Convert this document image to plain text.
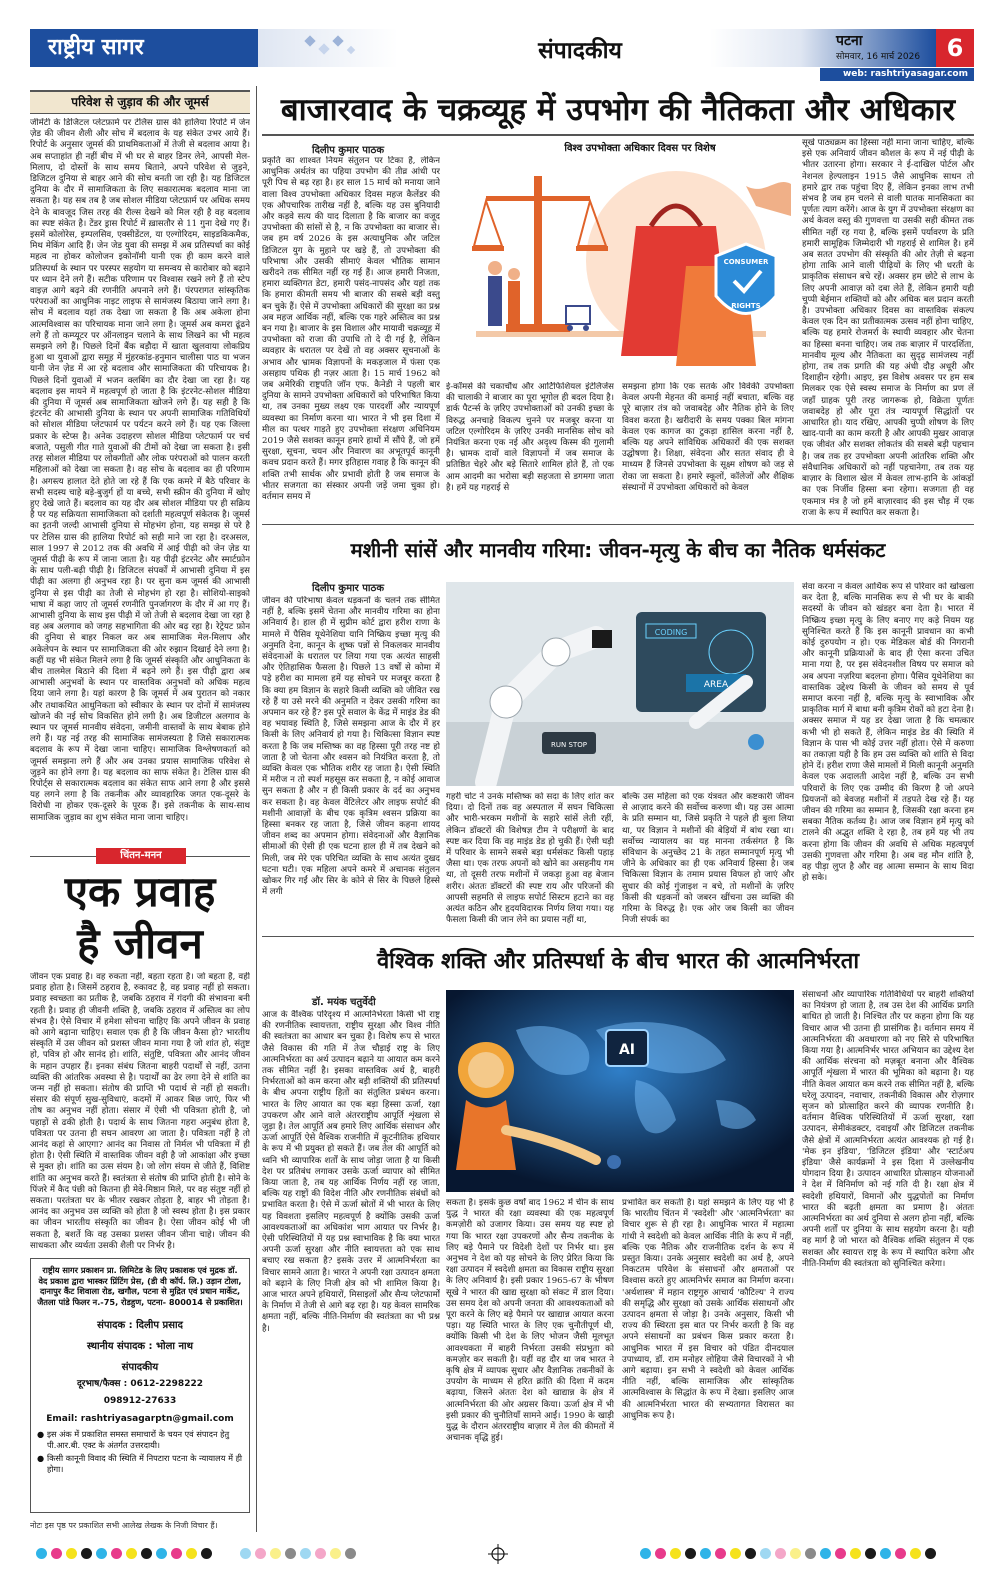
राष्ट्रीय सागर	संपादकीय	पटना
सोमवार, 16 मार्च 2026	6
web: rashtriyasagar.com
परिवेश से जुड़ाव की और जूमर्स
जीमेंटी के डिजिटल प्लेटफ़ार्म पर टेलिस ग्रास की हालिया रिपोर्ट में जेन ज़ेड की जीवन शैली और सोच में बदलाव के यह संकेत उभर आये हैं। रिपोर्ट के अनुसार जूमर्स की प्राथमिकताओं में तेजी से बदलाव आया है। अब सप्ताहांत ही नहीं बीच में भी घर से बाहर डिनर लेने, आपसी मेल-मिलाप, दो दोस्तों के साथ समय बिताने, अपने परिवेश से जुड़ने, डिजिटल दुनिया से बाहर आने की सोच बनती जा रही है। यह डिजिटल दुनिया के दौर में सामाजिकता के लिए सकारात्मक बदलाव माना जा सकता है। यह सब तब है जब सोशल मीडिया प्लेटफ़ार्म पर अधिक समय देने के बावजूद जिस तरह की रील्स देखने को मिल रही है वह बदलाव का स्पष्ट संकेत है। टेंडर ड्रास रिपोर्ट में ख़ासतौर से 11 गुना देखे गए हैं। इसमें कोलोरेस, इम्पलसिव, एक्सीडेंटल, या एल्गोरिदम, साइडकिकमैक, मिथ मेकिंग आदि हैं। जेन जेड युवा की समझ में अब प्रतिस्पर्धा का कोई महत्व ना होकर कोलोजन इकोनॉमी यानी एक ही काम करने वाले प्रतिस्पर्धा के स्थान पर परस्पर सहयोग या समन्वय से कारोबार को बढ़ाने पर ध्यान देने लगे हैं। सटीक परिणाम पर विश्वास रखने लगे हैं तो स्टेप वाइज़ आगे बढ़ने की रणनीति अपनाने लगे हैं। पंरपरागत सांस्कृतिक परंपराओं का आधुनिक नाइट लाइफ से सामंजस्य बिठाया जाने लगा है। सोच में बदलाव यहां तक देखा जा सकता है कि अब अकेला होना आत्मविश्वास का परिचायक माना जाने लगा है। जूमर्स अब कमरा ढूंढने लगे हैं तो कम्प्यूटर पर ऑनलाइन चलाने के साथ लिखने का भी महत्व समझने लगे हैं। पिछले दिनों बैंक बड़ौदा में खाता खुलवाया लोकप्रिय हुआ था युवाओं द्वारा समूह में मुंहरकांड-हनुमान चालीसा पाठ या भजन यानी जेन ज़ेड में आ रहे बदलाव और सामाजिकता की परिचायक है। पिछले दिनों युवाओं में भजन क्लबिंग का दौर देखा जा रहा है। यह बदलाव इस मायने में महत्वपूर्ण हो जाता है कि इंटरनेट-सोशल मीडिया की दुनिया में जूमर्स अब सामाजिकता खोजने लगे हैं। यह सही है कि इंटरनेट की आभासी दुनिया के स्थान पर अपनी सामाजिक गतिविधियों को सोशल मीडिया प्लेटफार्म पर पर्यटन करने लगे हैं। यह एक जिल्ला प्रकार के स्टेप्स है। अनेक उदाहरण सोशल मीडिया प्लेटफार्म पर चर्च बजाते, पसुली गीत गाते युवाओं की टीमों को देखा जा सकता है। इसी तरह सोशल मीडिया पर लोकगीतों और लोक परंपराओं को पालन करती महिलाओं को देखा जा सकता है। वह सोच के बदलाव का ही परिणाम है। अगस्त्य हालात देते होते जा रहे हैं कि एक कमरे में बैठे परिवार के सभी सदस्य चाहे बड़े-बुजुर्ग हों या बच्चे, सभी स्क्रीन की दुनिया में खोए हुए देखे जाते हैं। बदलाव का यह दौर अब सोशल मीडिया पर ही सक्रिय है पर यह सक्रियता सामाजिकता को दर्शाती महत्वपूर्ण संकेतक है। जूमर्स का इतनी जल्दी आभासी दुनिया से मोहभंग होना, यह समझ से परे है पर टेलिस ग्रास की हालिया रिपोर्ट को सही माने जा रहा है। दरअसल, साल 1997 से 2012 तक की अवधि में आई पीढ़ी को जेन ज़ेड या जूमर्स पीढ़ी के रूप में जाना जाता है। यह पीढ़ी इंटरनेट और स्मार्टफ़ोन के साथ पली-बढ़ी पीढ़ी है। डिजिटल संपर्कों में आभासी दुनिया में इस पीढ़ी का अलगा ही अनुभव रहा है। पर सुना कम जूमर्स की आभासी दुनिया से इस पीढ़ी का तेजी से मोहभंग हो रहा है। सोशियो-साइको भाषा में कहा जाए तो जूमर्स रणनीति पुनर्जागरण के दौर में आ गए हैं। आभासी दुनिया के साथ इस पीढ़ी में जो तेजी से बदलाव देखा जा रहा है वह अब अलगाव को जगह सहभागिता की ओर बढ़ रहा है। रेट्रेयट फ़ोन की दुनिया से बाहर निकल कर अब सामाजिक मेल-मिलाप और अकेलेपन के स्थान पर सामाजिकता की ओर रुझान दिखाई देने लगा है। कहीं यह भी संकेत मिलने लगा है कि जूमर्स संस्कृति और आधुनिकता के बीच तालमेल बिठाने की दिशा में बढ़ने लगे हैं। इस पीढ़ी द्वारा अब आभासी अनुभवों के स्थान पर वास्तविक अनुभवों को अधिक महत्व दिया जाने लगा है। यहां कारण है कि जूमर्स में अब पुरातन को नकार और तथाकथित आधुनिकता को स्वीकार के स्थान पर दोनों में सामंजस्य खोजने की नई सोच विकसित होने लगी है। अब डिजीटल अलगाव के स्थान पर जूमर्स मानवीय संवेदना, जमीनी वास्तवों के साथ बेबाक होने लगे हैं। यह नई तरह की सामाजिक सामंजस्यता है जिसे सकारात्मक बदलाव के रूप में देखा जाना चाहिए। सामाजिक विश्लेषणकर्ता को जूमर्स समझना लगे हैं और अब उनका प्रयास सामाजिक परिवेश से जुड़ने का होने लगा है। यह बदलाव का साफ संकेत है। टेलिस ग्रास की रिपोर्ट्स से सकारात्मक बदलाव का संकेत साफ आने लगा है और इससे यह लगने लगा है कि तकनीक और व्यावहारिक जगत एक-दूसरे के विरोधी ना होकर एक-दूसरे के पूरक हैं। इसे तकनीक के साथ-साथ सामाजिक जुड़ाव का शुभ संकेत माना जाना चाहिए।
चिंतन-मनन
एक प्रवाह
है जीवन
जीवन एक प्रवाह है। वह रुकता नहीं, बहता रहता है। जो बहता है, वही प्रवाह होता है। जिसमें ठहराव है, रुकावट है, वह प्रवाह नहीं हो सकता। प्रवाह स्वच्छता का प्रतीक है, जबकि ठहराव में गंदगी की संभावना बनी रहती है। प्रवाह ही जीवनी शक्ति है, जबकि ठहराव में अस्तित्व का लोप संभव है। ऐसे विचार में हमेशा सोचना चाहिए कि अपने जीवन के प्रवाह को आगे बढ़ाना चाहिए। सवाल एक ही है कि जीवन कैसा हो? भारतीय संस्कृति में उस जीवन को प्रशस्त जीवन माना गया है जो शांत हो, संतुष्ट हो, पवित्र हो और सानंद हो। शांति, संतुष्टि, पवित्रता और आनंद जीवन के महान उपहार हैं। इनका संबंध जितना बाहरी पदार्थों से नहीं, उतना व्यक्ति की आंतरिक अवस्था से है। पदार्थों का ढेर लगा देने से शांति का जन्म नहीं हो सकता। संतोष की प्राप्ति भी पदार्थ से नहीं हो सकती। संसार की संपूर्ण सुख-सुविधाएं, कदमों में आकर बिछ जाएं, फिर भी तोष का अनुभव नहीं होता। संसार में ऐसी भी पवित्रता होती है, जो पहाड़ों से ढकी होती है। पदार्थ के साथ जितना गहरा अनुबंध होता है, पवित्रता पर उतना ही सघन आवरण आ जाता है। पवित्रता नहीं है तो आनंद कहां से आएगा? आनंद का निवास तो निर्मल भी पवित्रता में ही होता है। ऐसी स्थिति में वास्तविक जीवन वही है जो आकांक्षा और इच्छा से मुक्त हो। शांति का उत्स संयम है। जो लोग संयम से जीते हैं, विशिष्ट शांति का अनुभव करते हैं। स्वतंत्रता से संतोष की प्राप्ति होती है। सोने के पिंजरे में कैद पंछी को कितना ही मेवे-मिष्ठान मिले, पर वह संतुष्ट नहीं हो सकता। परतंत्रता घर के भीतर रखकर तोड़ता है, बाहर भी तोड़ता है। आनंद का अनुभव उस व्यक्ति को होता है जो स्वस्थ होता है। इस प्रकार का जीवन भारतीय संस्कृति का जीवन है। ऐसा जीवन कोई भी जी सकता है, बशर्ते कि वह उसका प्रशस्त जीवन जीना चाहे। जीवन की साधकता और व्यर्थता उसकी शैली पर निर्भर है।
राष्ट्रीय सागर प्रकाशन प्रा. लिमिटेड के लिए प्रकाशक एवं मुद्रक डॉ. वेद प्रकाश द्वारा भास्कर प्रिंटिंग प्रेस, (डी वी कॉर्प. लि.) उड़ान टोला, दानापुर कैंट शिवाला रोड, खगौल, पटना से मुद्रित एवं प्रधान मार्केट, जैतला पांडे फिलर न.-75, रोडहुण, पटना- 800014 से प्रकाशित।
संपादक : दिलीप प्रसाद
स्थानीय संपादक : भोला नाथ
संपादकीय
दूरभाष/फैक्स : 0612-2298222
098912-27633
Email: rashtriyasagarptn@gmail.com
● इस अंक में प्रकाशित समस्त समाचारों के चयन एवं संपादन हेतु पी.आर.बी. एक्ट के अंतर्गत उत्तरदायी।
● किसी कानूनी विवाद की स्थिति में निपटारा पटना के न्यायालय में ही होगा।
नोटः इस पृष्ठ पर प्रकाशित सभी आलेख लेखक के निजी विचार हैं।
बाजारवाद के चक्रव्यूह में उपभोग की नैतिकता और अधिकार
दिलीप कुमार पाठक	विश्व उपभोक्ता अधिकार दिवस पर विशेष
प्रकृति का शाश्वत नियम संतुलन पर टिका है, लेकिन आधुनिक अर्थतंत्र का पहिया उपभोग की तीव्र आंधी पर पूरी पिच से बढ़ रहा है। हर साल 15 मार्च को मनाया जाने वाला विश्व उपभोक्ता अधिकार दिवस महज कैलेंडर की एक औपचारिक तारीख नहीं है, बल्कि यह उस बुनियादी और कड़वे सत्य की याद दिलाता है कि बाजार का वजूद उपभोक्ता की सांसों से है, न कि उपभोक्ता का बाजार से। जब हम वर्ष 2026 के इस अत्याधुनिक और जटिल डिजिटल युग के मुहाने पर खड़े हैं, तो उपभोक्ता की परिभाषा और उसकी सीमाएं केवल भौतिक सामान खरीदने तक सीमित नहीं रह गई हैं। आज हमारी निजता, हमारा व्यक्तिगत डेटा, हमारी पसंद-नापसंद और यहां तक कि हमारा कीमती समय भी बाजार की सबसे बड़ी वस्तु बन चुके हैं। ऐसे में उपभोक्ता अधिकारों की सुरक्षा का प्रश्न अब महज आर्थिक नहीं, बल्कि एक गहरे अस्तित्व का प्रश्न बन गया है। बाजार के इस विशाल और मायावी चक्रव्यूह में उपभोक्ता को राजा की उपाधि तो दे दी गई है, लेकिन व्यवहार के धरातल पर देखें तो वह अक्सर सूचनाओं के अभाव और भ्रामक विज्ञापनों के मकड़जाल में फंसा एक असहाय पथिक ही नज़र आता है। 15 मार्च 1962 को जब अमेरिकी राष्ट्रपति जॉन एफ. कैनेडी ने पहली बार दुनिया के सामने उपभोक्ता अधिकारों को परिभाषित किया था, तब उनका मुख्य लक्ष्य एक पारदर्शी और न्यायपूर्ण व्यवस्था का निर्माण करना था। भारत ने भी इस दिशा में मील का पत्थर गाड़ते हुए उपभोक्ता संरक्षण अधिनियम 2019 जैसे सशक्त कानून हमारे हाथों में सौंपे हैं, जो हमें सुरक्षा, सूचना, चयन और निवारण का अभूतपूर्व कानूनी कवच प्रदान करते हैं। मगर इतिहास गवाह है कि कानून की शक्ति तभी सार्थक और प्रभावी होती है जब समाज के भीतर सजगता का संस्कार अपनी जड़ें जमा चुका हो। वर्तमान समय में
CONSUMER
RIGHTS
ई-कॉमर्स की चकाचौंध और आर्टिफिशियल इंटेलिजेंस की चालाकी ने बाजार का पूरा भूगोल ही बदल दिया है। डार्क पैटर्न्स के ज़रिए उपभोक्ताओं को उनकी इच्छा के विरुद्ध अनचाहे विकल्प चुनने पर मजबूर करना या जटिल एल्गोरिदम के ज़रिए उनकी मानसिक सोच को नियंत्रित करना एक नई और अदृश्य किस्म की गुलामी है। भ्रामक दावों वाले विज्ञापनों में जब समाज के प्रतिष्ठित चेहरे और बड़े सितारे शामिल होते हैं, तो एक आम आदमी का भरोसा बड़ी सहजता से डगमगा जाता है। हमें यह गहराई से
समझना होगा कि एक सतर्क और विवेकी उपभोक्ता केवल अपनी मेहनत की कमाई नहीं बचाता, बल्कि वह पूरे बाज़ार तंत्र को जवाबदेह और नैतिक होने के लिए विवश करता है। खरीदारी के समय पक्का बिल मांगना केवल एक कागज का टुकड़ा हासिल करना नहीं है, बल्कि यह अपने सांविधिक अधिकारों की एक सशक्त उद्घोषणा है। शिक्षा, संवेदना और सतत संवाद ही वे माध्यम हैं जिनसे उपभोक्ता के सूक्ष्म शोषण को जड़ से रोका जा सकता है। हमारे स्कूलों, कॉलेजों और शैक्षिक संस्थानों में उपभोक्ता अधिकारों को केवल
सूखे पाठ्यक्रम का हिस्सा नहीं माना जाना चाहिए, बल्कि इसे एक अनिवार्य जीवन कौशल के रूप में नई पीढ़ी के भीतर उतारना होगा। सरकार ने ई-दाखिल पोर्टल और नेशनल हेल्पलाइन 1915 जैसे आधुनिक साधन तो हमारे द्वार तक पहुंचा दिए हैं, लेकिन इनका लाभ तभी संभव है जब हम चलने से वाली घातक मानसिकता का पूर्णतः त्याग करेंगे। आज के युग में उपभोक्ता संरक्षण का अर्थ केवल वस्तु की गुणवत्ता या उसकी सही कीमत तक सीमित नहीं रह गया है, बल्कि इसमें पर्यावरण के प्रति हमारी सामूहिक जिम्मेदारी भी गहराई से शामिल है। हमें अब सतत उपभोग की संस्कृति की ओर तेज़ी से बढ़ना होगा ताकि आने वाली पीढ़ियों के लिए भी धरती के प्राकृतिक संसाधन बचे रहें। अक्सर हम छोटे से लाभ के लिए अपनी आवाज़ को दबा लेते हैं, लेकिन हमारी यही चुप्पी बेईमान शक्तियों को और अधिक बल प्रदान करती है। उपभोक्ता अधिकार दिवस का वास्तविक संकल्प केवल एक दिन का प्रतीकात्मक उत्सव नहीं होना चाहिए, बल्कि यह हमारे रोजमर्रा के स्थायी व्यवहार और चेतना का हिस्सा बनना चाहिए। जब तक बाज़ार में पारदर्शिता, मानवीय मूल्य और नैतिकता का सुदृढ़ सामंजस्य नहीं होगा, तब तक प्रगति की यह अंधी दौड़ अधूरी और दिशाहीन रहेगी। आइए, इस विशेष अवसर पर हम सब मिलकर एक ऐसे स्वस्थ समाज के निर्माण का प्रण लें जहाँ ग्राहक पूरी तरह जागरूक हो, विक्रेता पूर्णतः जवाबदेह हो और पूरा तंत्र न्यायपूर्ण सिद्धांतों पर आधारित हो। याद रखिए, आपकी चुप्पी शोषण के लिए खाद-पानी का काम करती है और आपकी मुखर आवाज़ एक जीवंत और सशक्त लोकतंत्र की सबसे बड़ी पहचान है। जब तक हर उपभोक्ता अपनी आंतरिक शक्ति और संवैधानिक अधिकारों को नहीं पहचानेगा, तब तक यह बाज़ार के विशाल खेल में केवल लाभ-हानि के आंकड़ों का एक निर्जीव हिस्सा बना रहेगा। सजगता ही वह एकमात्र मंत्र है जो हमें बाज़ारवाद की इस चौड़ में एक राजा के रूप में स्थापित कर सकता है।
मशीनी सांसें और मानवीय गरिमा: जीवन-मृत्यु के बीच का नैतिक धर्मसंकट
दिलीप कुमार पाठक
जीवन की परिभाषा केवल धड़कनों के चलने तक सीमित नहीं है, बल्कि इसमें चेतना और मानवीय गरिमा का होना अनिवार्य है। हाल ही में सुप्रीम कोर्ट द्वारा हरीश राणा के मामले में पैसिव यूथेनेशिया यानि निष्क्रिय इच्छा मृत्यु की अनुमति देना, कानून के शुष्क पन्नों से निकलकर मानवीय संवेदनाओं के धरातल पर लिया गया एक अत्यंत साहसी और ऐतिहासिक फैसला है। पिछले 13 वर्षों से कोमा में पड़े हरीश का मामला हमें यह सोचने पर मजबूर करता है कि क्या हम विज्ञान के सहारे किसी व्यक्ति को जीवित रख रहे हैं या उसे मरने की अनुमति न देकर उसकी गरिमा का अपमान कर रहे हैं? इस पूरे सवाल के केंद्र में माइंड डेड की वह भयावह स्थिति है, जिसे समझना आज के दौर में हर किसी के लिए अनिवार्य हो गया है। चिकित्सा विज्ञान स्पष्ट करता है कि जब मस्तिष्क का वह हिस्सा पूरी तरह नष्ट हो जाता है जो चेतना और श्वसन को नियंत्रित करता है, तो व्यक्ति केवल एक भौतिक शरीर रह जाता है। ऐसी स्थिति में मरीज न तो स्पर्श महसूस कर सकता है, न कोई आवाज सुन सकता है और न ही किसी प्रकार के दर्द का अनुभव कर सकता है। वह केवल वेंटिलेटर और लाइफ सपोर्ट की मशीनी आवाज़ों के बीच एक कृत्रिम श्वसन प्रक्रिया का हिस्सा बनकर रह जाता है, जिसे जीवन कहना शायद जीवन शब्द का अपमान होगा। संवेदनाओं और वैज्ञानिक सीमाओं की ऐसी ही एक घटना हाल ही में तब देखने को मिली, जब मेरे एक परिचित व्यक्ति के साथ अत्यंत दुखद घटना घटी। एक महिला अपने कमरे में अचानक संतुलन खोकर गिर गईं और सिर के कोने से सिर के पिछले हिस्से में लगी
CODING
AREA
RUN STOP
गहरी चोट ने उनके मस्तिष्क को सदा के लिए शांत कर दिया। दो दिनों तक वह अस्पताल में सघन चिकित्सा और भारी-भरकम मशीनों के सहारे सांसें लेती रहीं, लेकिन डॉक्टरों की विशेषज्ञ टीम ने परीक्षणों के बाद स्पष्ट कर दिया कि वह माइंड डेड हो चुकी हैं। ऐसी घड़ी में परिवार के सामने सबसे बड़ा धर्मसंकट किसी पहाड़ जैसा था। एक तरफ अपनों को खोने का असहनीय गम था, तो दूसरी तरफ मशीनों में जकड़ा हुआ वह बेजान शरीर। अंततः डॉक्टरों की स्पष्ट राय और परिजनों की आपसी सहमति से लाइफ सपोर्ट सिस्टम हटाने का वह अत्यंत कठिन और हृदयविदारक निर्णय लिया गया। यह फैसला किसी की जान लेने का प्रयास नहीं था,
बल्कि उस महिला को एक यंत्रवत और कष्टकारी जीवन से आज़ाद करने की सर्वोच्च करुणा थी। यह उस आत्मा के प्रति सम्मान था, जिसे प्रकृति ने पहले ही बुला लिया था, पर विज्ञान ने मशीनों की बेड़ियों में बांध रखा था। सर्वोच्च न्यायालय का यह मानना तर्कसंगत है कि संविधान के अनुच्छेद 21 के तहत सम्मानपूर्ण मृत्यु भी जीने के अधिकार का ही एक अनिवार्य हिस्सा है। जब चिकित्सा विज्ञान के तमाम प्रयास विफल हो जाएं और सुधार की कोई गुंजाइश न बचे, तो मशीनों के ज़रिए किसी की धड़कनों को जबरन खींचना उस व्यक्ति की गरिमा के विरुद्ध है। एक ओर जब किसी का जीवन निजी संपर्क का
सेवा करना न केवल आर्थिक रूप से परिवार को खोखला कर देता है, बल्कि मानसिक रूप से भी घर के बाकी सदस्यों के जीवन को खंडहर बना देता है। भारत में निष्क्रिय इच्छा मृत्यु के लिए बनाए गए कड़े नियम यह सुनिश्चित करते हैं कि इस कानूनी प्रावधान का कभी कोई दुरुपयोग न हो। एक मेडिकल बोर्ड की निगरानी और कानूनी प्रक्रियाओं के बाद ही ऐसा करना उचित माना गया है, पर इस संवेदनशील विषय पर समाज को अब अपना नज़रिया बदलना होगा। पैसिव यूथेनेशिया का वास्तविक उद्देश्य किसी के जीवन को समय से पूर्व समाप्त करना नहीं है, बल्कि मृत्यु के स्वाभाविक और प्राकृतिक मार्ग में बाधा बनी कृत्रिम रोकों को हटा देना है। अक्सर समाज में यह डर देखा जाता है कि चमत्कार कभी भी हो सकते हैं, लेकिन माइंड डेड की स्थिति में विज्ञान के पास भी कोई उत्तर नहीं होता। ऐसे में करुणा का तकाज़ा यही है कि हम उस व्यक्ति को शांति से विदा होने दें। हरीश राणा जैसे मामलों में मिली कानूनी अनुमति केवल एक अदालती आदेश नहीं है, बल्कि उन सभी परिवारों के लिए एक उम्मीद की किरण है जो अपने प्रियजनों को बेवजह मशीनों में तड़पते देख रहे हैं। यह जीवन की गरिमा का सम्मान है, जिसकी रक्षा करना हम सबका नैतिक कर्तव्य है। आज जब विज्ञान हमें मृत्यु को टालने की अद्भुत शक्ति दे रहा है, तब हमें यह भी तय करना होगा कि जीवन की अवधि से अधिक महत्वपूर्ण उसकी गुणवत्ता और गरिमा है। अब वह मौन शांति है, वह पीड़ा लुप्त है और वह आत्मा सम्मान के साथ विदा हो सके।
वैश्विक शक्ति और प्रतिस्पर्धा के बीच भारत की आत्मनिर्भरता
डॉ. मयंक चतुर्वेदी
आज के वैश्विक परिदृश्य में आत्मनिर्भरता किसी भी राष्ट्र की रणनीतिक स्वायत्तता, राष्ट्रीय सुरक्षा और विश्व नीति की स्वतंत्रता का आधार बन चुका है। विशेष रूप से भारत जैसे विकास की गति में तेज चौड़ाई राष्ट्र के लिए आत्मनिर्भरता का अर्थ उत्पादन बढ़ाने या आयात कम करने तक सीमित नहीं है। इसका वास्तविक अर्थ है, बाहरी निर्भरताओं को कम करना और बड़ी शक्तियों की प्रतिस्पर्धा के बीच अपना राष्ट्रीय हितों का संतुलित प्रबंधन करना। भारत के लिए आयात का एक बड़ा हिस्सा ऊर्जा, रक्षा उपकरण और आने वाले अंतरराष्ट्रीय आपूर्ति शृंखला से जुड़ा है। तेल आपूर्ति अब हमारे लिए आर्थिक संसाधन और ऊर्जा आपूर्ति ऐसे वैश्विक राजनीति में कूटनीतिक हथियार के रूप में भी प्रयुक्त हो सकते हैं। जब तेल की आपूर्ति को ध्वनि भी व्यापारिक शर्तों के साथ जोड़ा जाता है या किसी देश पर प्रतिबंध लगाकर उसके ऊर्जा व्यापार को सीमित किया जाता है, तब यह आर्थिक निर्णय नहीं रह जाता, बल्कि यह राष्ट्रों की विदेश नीति और रणनीतिक संबंधों को प्रभावित करता है। ऐसे में ऊर्जा स्रोतों में भी भारत के लिए यह विवशता इसलिए महत्वपूर्ण है क्योंकि उसकी ऊर्जा आवश्यकताओं का अधिकांश भाग आयात पर निर्भर है। ऐसी परिस्थितियों में यह प्रश्न स्वाभाविक है कि क्या भारत अपनी ऊर्जा सुरक्षा और नीति स्वायत्तता को एक साथ बचाए रख सकता है? इसके उत्तर में आत्मनिर्भरता का विचार सामने आता है। भारत ने अपनी रक्षा उत्पादन क्षमता को बढ़ाने के लिए निजी क्षेत्र को भी शामिल किया है। आज भारत अपने हथियारों, मिसाइलों और सैन्य प्लेटफार्मों के निर्माण में तेजी से आगे बढ़ रहा है। यह केवल सामरिक क्षमता नहीं, बल्कि नीति-निर्माण की स्वतंत्रता का भी प्रश्न है।
AI
सकता है। इसके कुछ वर्षों बाद 1962 में चीन के साथ युद्ध ने भारत की रक्षा व्यवस्था की एक महत्वपूर्ण कमज़ोरी को उजागर किया। उस समय यह स्पष्ट हो गया कि भारत रक्षा उपकरणों और सैन्य तकनीक के लिए बड़े पैमाने पर विदेशी देशों पर निर्भर था। इस अनुभव ने देश को यह सोचने के लिए प्रेरित किया कि रक्षा उत्पादन में स्वदेशी क्षमता का विकास राष्ट्रीय सुरक्षा के लिए अनिवार्य है। इसी प्रकार 1965-67 के भीषण सूखे ने भारत की खाद्य सुरक्षा को संकट में डाल दिया। उस समय देश को अपनी जनता की आवश्यकताओं को पूरा करने के लिए बड़े पैमाने पर खाद्यान्न आयात करना पड़ा। यह स्थिति भारत के लिए एक चुनौतीपूर्ण थी, क्योंकि किसी भी देश के लिए भोजन जैसी मूलभूत आवश्यकता में बाहरी निर्भरता उसकी संप्रभुता को कमज़ोर कर सकती है। यहीं वह दौर था जब भारत ने कृषि क्षेत्र में व्यापक सुधार और वैज्ञानिक तकनीकों के उपयोग के माध्यम से हरित क्रांति की दिशा में कदम बढ़ाया, जिसने अंततः देश को खाद्यान्न के क्षेत्र में आत्मनिर्भरता की ओर अग्रसर किया। ऊर्जा क्षेत्र में भी इसी प्रकार की चुनौतियाँ सामने आईं। 1990 के खाड़ी युद्ध के दौरान अंतरराष्ट्रीय बाज़ार में तेल की कीमतों में अचानक वृद्धि हुई।
प्रभावित कर सकती है। यहां समझने के लिए यह भी है कि भारतीय चिंतन में 'स्वदेशी' और 'आत्मनिर्भरता' का विचार शुरू से ही रहा है। आधुनिक भारत में महात्मा गांधी ने स्वदेशी को केवल आर्थिक नीति के रूप में नहीं, बल्कि एक नैतिक और राजनीतिक दर्शन के रूप में प्रस्तुत किया। उनके अनुसार स्वदेशी का अर्थ है, अपने निकटतम परिवेश के संसाधनों और क्षमताओं पर विश्वास करते हुए आत्मनिर्भर समाज का निर्माण करना। 'अर्थशास्त्र' में महान राष्ट्रगुरु आचार्य 'कौटिल्य' ने राज्य की समृद्धि और सुरक्षा को उसके आर्थिक संसाधनों और उत्पादन क्षमता से जोड़ा है। उनके अनुसार, किसी भी राज्य की स्थिरता इस बात पर निर्भर करती है कि वह अपने संसाधनों का प्रबंधन किस प्रकार करता है। आधुनिक भारत में इस विचार को पंडित दीनदयाल उपाध्याय, डॉ. राम मनोहर लोहिया जैसे विचारकों ने भी आगे बढ़ाया। इन सभी ने स्वदेशी को केवल आर्थिक नीति नहीं, बल्कि सामाजिक और सांस्कृतिक आत्मविश्वास के सिद्धांत के रूप में देखा। इसलिए आज की आत्मनिर्भरता भारत की सभ्यतागत विरासत का आधुनिक रूप है।
संसाधनों और व्यापारिक गतिविधियों पर बाहरी शक्तियों का नियंत्रण हो जाता है, तब उस देश की आर्थिक प्रगति बाधित हो जाती है। निश्चित तौर पर कहना होगा कि यह विचार आज भी उतना ही प्रासंगिक है। वर्तमान समय में आत्मनिर्भरता की अवधारणा को नए सिरे से परिभाषित किया गया है। आत्मनिर्भर भारत अभियान का उद्देश्य देश की आर्थिक संरचना को मज़बूत बनाना और वैश्विक आपूर्ति शृंखला में भारत की भूमिका को बढ़ाना है। यह नीति केवल आयात कम करने तक सीमित नहीं है, बल्कि घरेलू उत्पादन, नवाचार, तकनीकी विकास और रोज़गार सृजन को प्रोत्साहित करने की व्यापक रणनीति है। वर्तमान वैश्विक परिस्थितियों में ऊर्जा सुरक्षा, रक्षा उत्पादन, सेमीकंडक्टर, दवाइयाँ और डिजिटल तकनीक जैसे क्षेत्रों में आत्मनिर्भरता अत्यंत आवश्यक हो गई है। 'मेक इन इंडिया', 'डिजिटल इंडिया' और 'स्टार्टअप इंडिया' जैसे कार्यक्रमों ने इस दिशा में उल्लेखनीय योगदान दिया है। उत्पादन आधारित प्रोत्साहन योजनाओं ने देश में विनिर्माण को नई गति दी है। रक्षा क्षेत्र में स्वदेशी हथियारों, विमानों और युद्धपोतों का निर्माण भारत की बढ़ती क्षमता का प्रमाण है। अंततः आत्मनिर्भरता का अर्थ दुनिया से अलग होना नहीं, बल्कि अपनी शर्तों पर दुनिया के साथ सहयोग करना है। यही वह मार्ग है जो भारत को वैश्विक शक्ति संतुलन में एक सशक्त और स्वायत्त राष्ट्र के रूप में स्थापित करेगा और नीति-निर्माण की स्वतंत्रता को सुनिश्चित करेगा।
